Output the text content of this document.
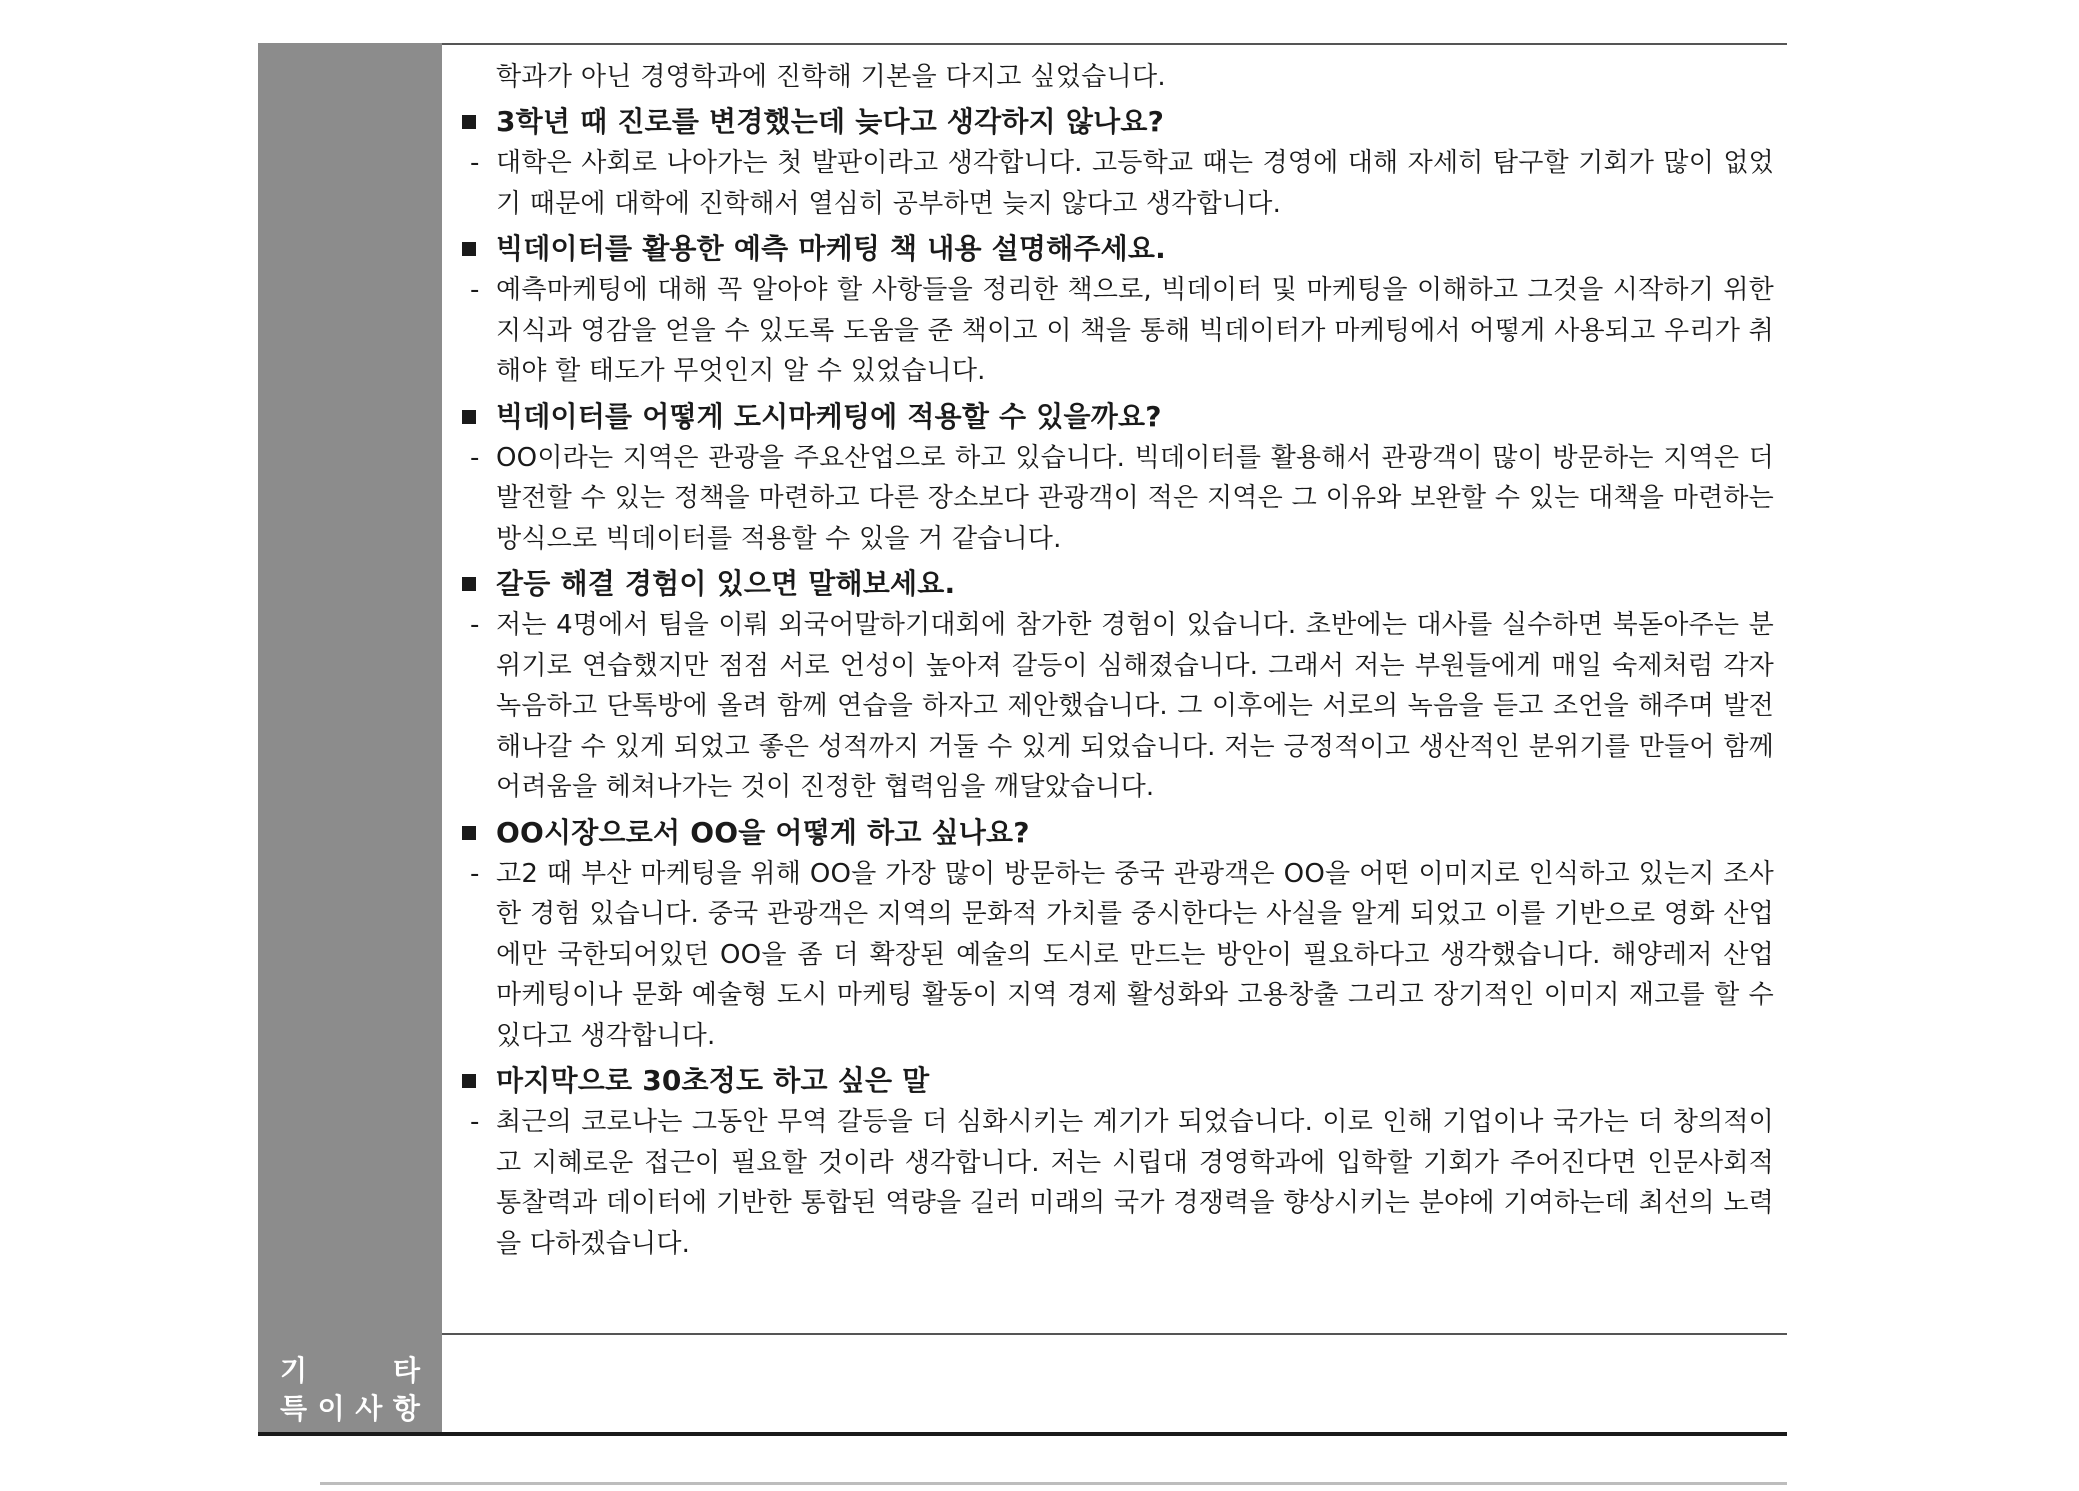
학과가 아닌 경영학과에 진학해 기본을 다지고 싶었습니다.
3학년 때 진로를 변경했는데 늦다고 생각하지 않나요?
- 대학은 사회로 나아가는 첫 발판이라고 생각합니다. 고등학교 때는 경영에 대해 자세히 탐구할 기회가 많이 없었기 때문에 대학에 진학해서 열심히 공부하면 늦지 않다고 생각합니다.
빅데이터를 활용한 예측 마케팅 책 내용 설명해주세요.
- 예측마케팅에 대해 꼭 알아야 할 사항들을 정리한 책으로, 빅데이터 및 마케팅을 이해하고 그것을 시작하기 위한 지식과 영감을 얻을 수 있도록 도움을 준 책이고 이 책을 통해 빅데이터가 마케팅에서 어떻게 사용되고 우리가 취해야 할 태도가 무엇인지 알 수 있었습니다.
빅데이터를 어떻게 도시마케팅에 적용할 수 있을까요?
- OO이라는 지역은 관광을 주요산업으로 하고 있습니다. 빅데이터를 활용해서 관광객이 많이 방문하는 지역은 더 발전할 수 있는 정책을 마련하고 다른 장소보다 관광객이 적은 지역은 그 이유와 보완할 수 있는 대책을 마련하는 방식으로 빅데이터를 적용할 수 있을 거 같습니다.
갈등 해결 경험이 있으면 말해보세요.
- 저는 4명에서 팀을 이뤄 외국어말하기대회에 참가한 경험이 있습니다. 초반에는 대사를 실수하면 북돋아주는 분위기로 연습했지만 점점 서로 언성이 높아져 갈등이 심해졌습니다. 그래서 저는 부원들에게 매일 숙제처럼 각자 녹음하고 단톡방에 올려 함께 연습을 하자고 제안했습니다. 그 이후에는 서로의 녹음을 듣고 조언을 해주며 발전해나갈 수 있게 되었고 좋은 성적까지 거둘 수 있게 되었습니다. 저는 긍정적이고 생산적인 분위기를 만들어 함께 어려움을 헤쳐나가는 것이 진정한 협력임을 깨달았습니다.
OO시장으로서 OO을 어떻게 하고 싶나요?
- 고2 때 부산 마케팅을 위해 OO을 가장 많이 방문하는 중국 관광객은 OO을 어떤 이미지로 인식하고 있는지 조사한 경험 있습니다. 중국 관광객은 지역의 문화적 가치를 중시한다는 사실을 알게 되었고 이를 기반으로 영화 산업에만 국한되어있던 OO을 좀 더 확장된 예술의 도시로 만드는 방안이 필요하다고 생각했습니다. 해양레저 산업 마케팅이나 문화 예술형 도시 마케팅 활동이 지역 경제 활성화와 고용창출 그리고 장기적인 이미지 재고를 할 수 있다고 생각합니다.
마지막으로 30초정도 하고 싶은 말
- 최근의 코로나는 그동안 무역 갈등을 더 심화시키는 계기가 되었습니다. 이로 인해 기업이나 국가는 더 창의적이고 지혜로운 접근이 필요할 것이라 생각합니다. 저는 시립대 경영학과에 입학할 기회가 주어진다면 인문사회적 통찰력과 데이터에 기반한 통합된 역량을 길러 미래의 국가 경쟁력을 향상시키는 분야에 기여하는데 최선의 노력을 다하겠습니다.
기	타
특 이 사 항
